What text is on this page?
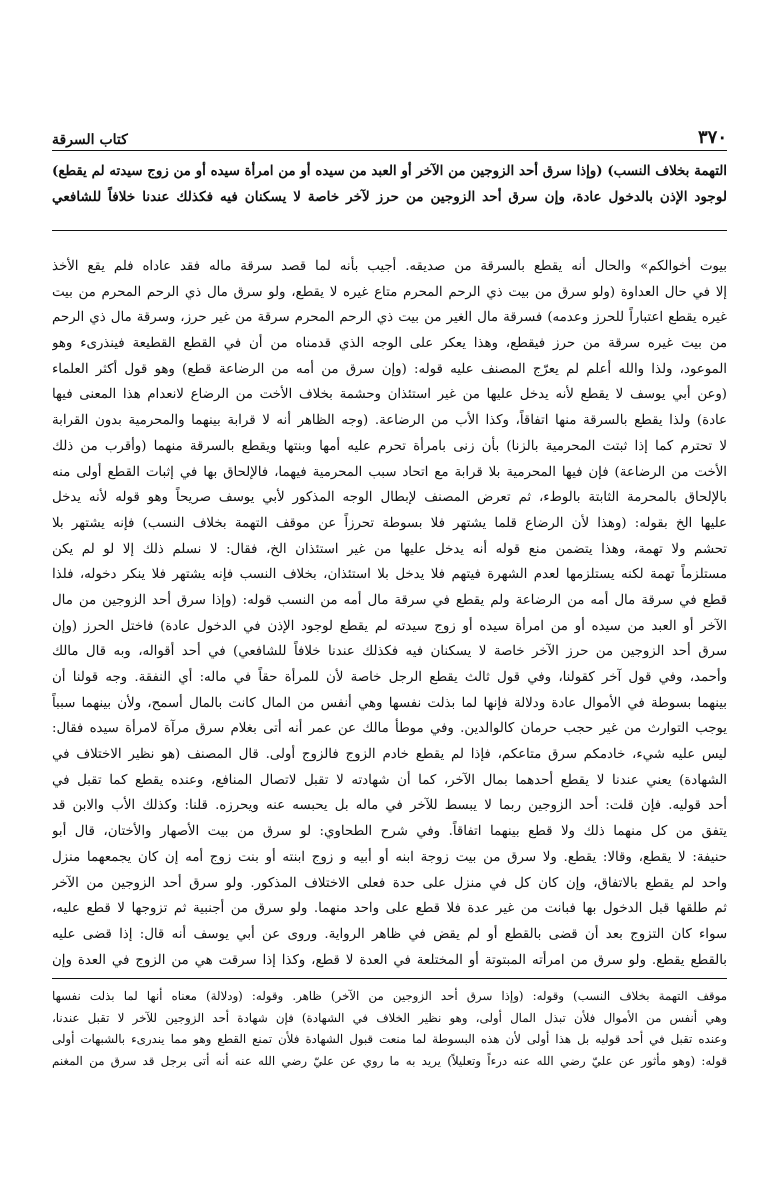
٣٧٠
كتاب السرقة
التهمة بخلاف النسب) (وإذا سرق أحد الزوجين من الآخر أو العبد من سيده أو من امرأة سيده أو من زوج سيدته لم يقطع)
لوجود الإذن بالدخول عادة، وإن سرق أحد الزوجين من حرز لآخر خاصة لا يسكنان فيه فكذلك عندنا خلافاً للشافعي
بيوت أخوالكم» والحال أنه يقطع بالسرقة من صديقه. أجيب بأنه لما قصد سرقة ماله فقد عاداه فلم يقع الأخذ
إلا في حال العداوة (ولو سرق من بيت ذي الرحم المحرم متاع غيره لا يقطع، ولو سرق مال ذي الرحم المحرم من بيت
غيره يقطع اعتباراً للحرز وعدمه) فسرقة مال الغير من بيت ذي الرحم المحرم سرقة من غير حرز، وسرقة مال ذي الرحم
من بيت غيره سرقة من حرز فيقطع، وهذا يعكر على الوجه الذي قدمناه من أن في القطع القطيعة فينذرىء وهو
الموعود، ولذا والله أعلم لم يعرّج المصنف عليه قوله: (وإن سرق من أمه من الرضاعة قطع) وهو قول أكثر العلماء
(وعن أبي يوسف لا يقطع لأنه يدخل عليها من غير استئذان وحشمة بخلاف الأخت من الرضاع لانعدام هذا المعنى فيها
عادة) ولذا يقطع بالسرقة منها اتفاقاً، وكذا الأب من الرضاعة. (وجه الظاهر أنه لا قرابة بينهما والمحرمية بدون القرابة
لا تحترم كما إذا ثبتت المحرمية بالزنا) بأن زنى بامرأة تحرم عليه أمها وبنتها ويقطع بالسرقة منهما (وأقرب من ذلك
الأخت من الرضاعة) فإن فيها المحرمية بلا قرابة مع اتحاد سبب المحرمية فيهما، فالإلحاق بها في إثبات القطع أولى منه
بالإلحاق بالمحرمة الثابتة بالوطء، ثم تعرض المصنف لإبطال الوجه المذكور لأبي يوسف صريحاً وهو قوله لأنه يدخل
عليها الخ بقوله: (وهذا لأن الرضاع قلما يشتهر فلا بسوطة تحرزاً عن موقف التهمة بخلاف النسب) فإنه يشتهر بلا
تحشم ولا تهمة، وهذا يتضمن منع قوله أنه يدخل عليها من غير استئذان الخ، فقال: لا نسلم ذلك إلا لو لم يكن
مستلزماً تهمة لكنه يستلزمها لعدم الشهرة فيتهم فلا يدخل بلا استئذان، بخلاف النسب فإنه يشتهر فلا ينكر دخوله، فلذا
قطع في سرقة مال أمه من الرضاعة ولم يقطع في سرقة مال أمه من النسب قوله: (وإذا سرق أحد الزوجين من مال
الآخر أو العبد من سيده أو من امرأة سيده أو زوج سيدته لم يقطع لوجود الإذن في الدخول عادة) فاختل الحرز (وإن
سرق أحد الزوجين من حرز الآخر خاصة لا يسكنان فيه فكذلك عندنا خلافاً للشافعي) في أحد أقواله، وبه قال مالك
وأحمد، وفي قول آخر كقولنا، وفي قول ثالث يقطع الرجل خاصة لأن للمرأة حقاً في ماله: أي النفقة. وجه قولنا أن
بينهما بسوطة في الأموال عادة ودلالة فإنها لما بذلت نفسها وهي أنفس من المال كانت بالمال أسمح، ولأن بينهما سبباً
يوجب التوارث من غير حجب حرمان كالوالدين. وفي موطأ مالك عن عمر أنه أتى بغلام سرق مرآة لامرأة سيده فقال:
ليس عليه شيء، خادمكم سرق متاعكم، فإذا لم يقطع خادم الزوج فالزوج أولى. قال المصنف (هو نظير الاختلاف في
الشهادة) يعني عندنا لا يقطع أحدهما بمال الآخر، كما أن شهادته لا تقبل لاتصال المنافع، وعنده يقطع كما تقبل في
أحد قوليه. فإن قلت: أحد الزوجين ربما لا يبسط للآخر في ماله بل يحبسه عنه ويحرزه. قلنا: وكذلك الأب والابن قد
يتفق من كل منهما ذلك ولا قطع بينهما اتفاقاً. وفي شرح الطحاوي: لو سرق من بيت الأصهار والأختان، قال أبو
حنيفة: لا يقطع، وقالا: يقطع. ولا سرق من بيت زوجة ابنه أو أبيه و زوج ابنته أو بنت زوج أمه إن كان يجمعهما منزل
واحد لم يقطع بالاتفاق، وإن كان كل في منزل على حدة فعلى الاختلاف المذكور. ولو سرق أحد الزوجين من الآخر
ثم طلقها قبل الدخول بها فبانت من غير عدة فلا قطع على واحد منهما. ولو سرق من أجنبية ثم تزوجها لا قطع عليه،
سواء كان التزوج بعد أن قضى بالقطع أو لم يقض في ظاهر الرواية. وروى عن أبي يوسف أنه قال: إذا قضى عليه
بالقطع يقطع. ولو سرق من امرأته المبتوتة أو المختلعة في العدة لا قطع، وكذا إذا سرقت هي من الزوج في العدة وإن
موقف التهمة بخلاف النسب) وقوله: (وإذا سرق أحد الزوجين من الآخر) ظاهر. وقوله: (ودلالة) معناه أنها لما بذلت نفسها
وهي أنفس من الأموال فلأن تبذل المال أولى، وهو نظير الخلاف في الشهادة) فإن شهادة أحد الزوجين للآخر لا تقبل عندنا،
وعنده تقبل في أحد قوليه بل هذا أولى لأن هذه البسوطة لما منعت قبول الشهادة فلأن تمنع القطع وهو مما يندرىء بالشبهات أولى
قوله: (وهو مأثور عن عليّ رضي الله عنه درءاً وتعليلاً) يريد به ما روي عن عليّ رضي الله عنه أنه أتى برجل قد سرق من المغنم
